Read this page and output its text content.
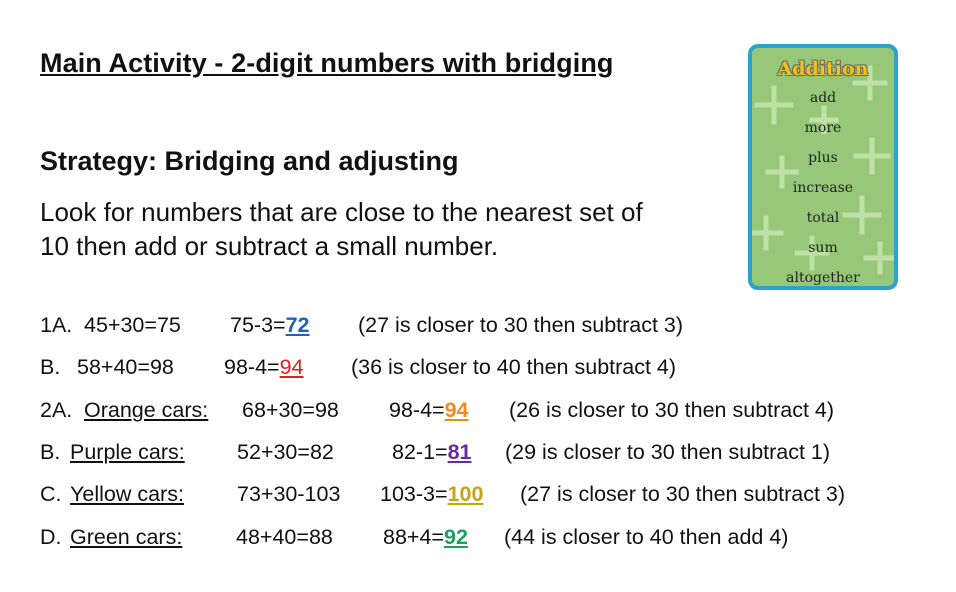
Main Activity - 2-digit numbers with bridging
Strategy: Bridging and adjusting
Look for numbers that are close to the nearest set of
10 then add or subtract a small number.
Addition
add
more
plus
increase
total
sum
altogether
1A. 45+30=75 75-3=72 (27 is closer to 30 then subtract 3)
B. 58+40=98 98-4=94 (36 is closer to 40 then subtract 4)
2A. Orange cars: 68+30=98 98-4=94 (26 is closer to 30 then subtract 4)
B. Purple cars: 52+30=82	82-1=81 (29 is closer to 30 then subtract 1)
C. Yellow cars: 73+30-103 103-3=100 (27 is closer to 30 then subtract 3)
D. Green cars: 48+40=88 88+4=92 (44 is closer to 40 then add 4)
